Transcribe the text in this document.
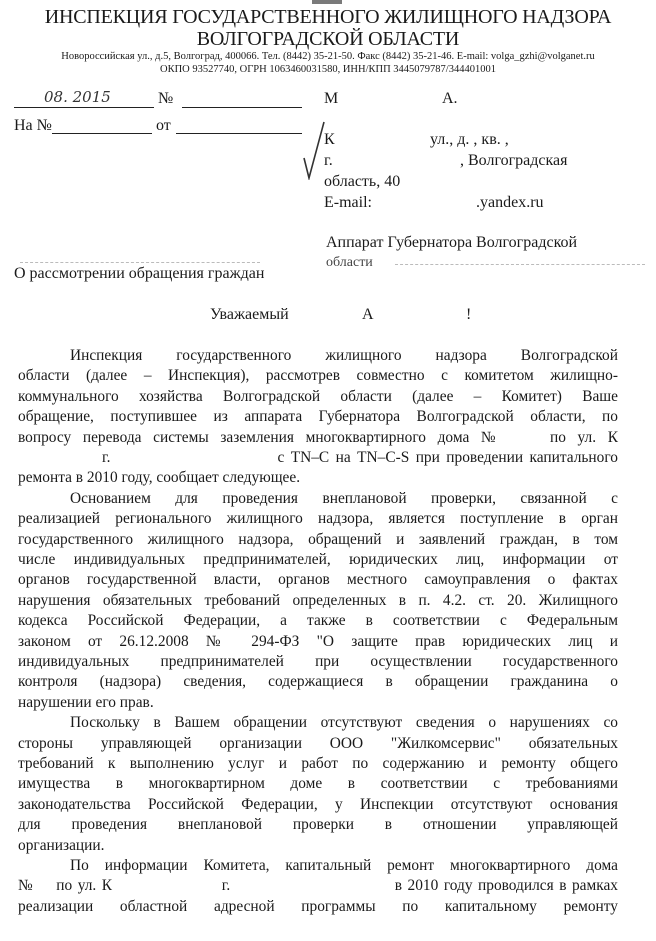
ИНСПЕКЦИЯ ГОСУДАРСТВЕННОГО ЖИЛИЩНОГО НАДЗОРА
ВОЛГОГРАДСКОЙ ОБЛАСТИ
Новороссийская ул., д.5, Волгоград, 400066. Тел. (8442) 35-21-50. Факс (8442) 35-21-46. E-mail: volga_gzhi@volganet.ru
ОКПО 93527740, ОГРН 1063460031580, ИНН/КПП 3445079787/344401001
08. 2015	№
На №	от
М	А.
К	ул., д. , кв. ,
г.	, Волгоградская
область, 40
E-mail:	.yandex.ru
Аппарат Губернатора Волгоградской
области
О рассмотрении обращения граждан
Уважаемый	А	!
Инспекция государственного жилищного надзора Волгоградской
области (далее – Инспекция), рассмотрев совместно с комитетом жилищно-
коммунального хозяйства Волгоградской области (далее – Комитет) Ваше
обращение, поступившее из аппарата Губернатора Волгоградской области, по
вопросу перевода системы заземления многоквартирного дома №    по ул. К
г.                          с TN–C на TN–C-S при проведении капитального
ремонта в 2010 году, сообщает следующее.
Основанием для проведения внеплановой проверки, связанной с
реализацией регионального жилищного надзора, является поступление в орган
государственного жилищного надзора, обращений и заявлений граждан, в том
числе индивидуальных предпринимателей, юридических лиц, информации от
органов государственной власти, органов местного самоуправления о фактах
нарушения обязательных требований определенных в п. 4.2. ст. 20. Жилищного
кодекса Российской Федерации, а также в соответствии с Федеральным
законом от 26.12.2008 № 294-ФЗ "О защите прав юридических лиц и
индивидуальных предпринимателей при осуществлении государственного
контроля (надзора) сведения, содержащиеся в обращении гражданина о
нарушении его прав.
Поскольку в Вашем обращении отсутствуют сведения о нарушениях со
стороны управляющей организации ООО "Жилкомсервис" обязательных
требований к выполнению услуг и работ по содержанию и ремонту общего
имущества в многоквартирном доме в соответствии с требованиями
законодательства Российской Федерации, у Инспекции отсутствуют основания
для проведения внеплановой проверки в отношении управляющей
организации.
По информации Комитета, капитальный ремонт многоквартирного дома
№    по ул. К                    г.                              в 2010 году проводился в рамках
реализации областной адресной программы по капитальному ремонту
